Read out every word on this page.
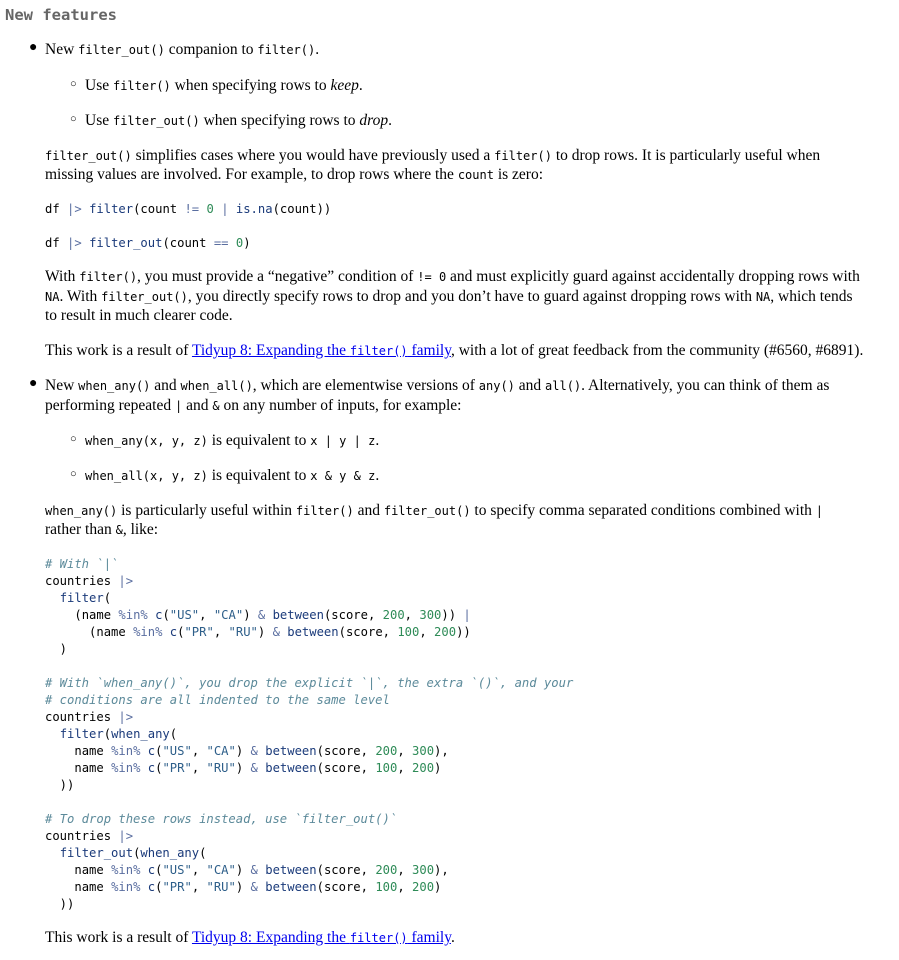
New features
● New filter_out() companion to filter().
○ Use filter() when specifying rows to keep.
○ Use filter_out() when specifying rows to drop.
filter_out() simplifies cases where you would have previously used a filter() to drop rows. It is particularly useful when
missing values are involved. For example, to drop rows where the count is zero:
df |> filter(count != 0 | is.na(count))
df |> filter_out(count == 0)
With filter(), you must provide a “negative” condition of != 0 and must explicitly guard against accidentally dropping rows with
NA. With filter_out(), you directly specify rows to drop and you don’t have to guard against dropping rows with NA, which tends
to result in much clearer code.
This work is a result of Tidyup 8: Expanding the filter() family, with a lot of great feedback from the community (#6560, #6891).
● New when_any() and when_all(), which are elementwise versions of any() and all(). Alternatively, you can think of them as
performing repeated | and & on any number of inputs, for example:
○ when_any(x, y, z) is equivalent to x | y | z.
○ when_all(x, y, z) is equivalent to x & y & z.
when_any() is particularly useful within filter() and filter_out() to specify comma separated conditions combined with |
rather than &, like:
# With `|`
countries |>
filter(
(name %in% c("US", "CA") & between(score, 200, 300)) |
(name %in% c("PR", "RU") & between(score, 100, 200))
)

# With `when_any()`, you drop the explicit `|`, the extra `()`, and your
# conditions are all indented to the same level
countries |>
filter(when_any(
name %in% c("US", "CA") & between(score, 200, 300),
name %in% c("PR", "RU") & between(score, 100, 200)
))

# To drop these rows instead, use `filter_out()`
countries |>
filter_out(when_any(
name %in% c("US", "CA") & between(score, 200, 300),
name %in% c("PR", "RU") & between(score, 100, 200)
))
This work is a result of Tidyup 8: Expanding the filter() family.
